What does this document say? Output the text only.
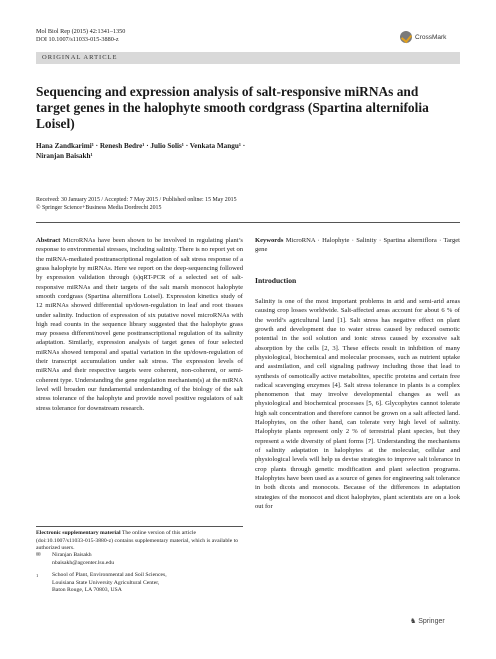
Mol Biol Rep (2015) 42:1341–1350
DOI 10.1007/s11033-015-3880-z	CrossMark
ORIGINAL ARTICLE
Sequencing and expression analysis of salt-responsive miRNAs and target genes in the halophyte smooth cordgrass (Spartina alternifolia Loisel)
Hana Zandkarimi¹ · Renesh Bedre¹ · Julio Solis¹ · Venkata Mangu¹ ·
Niranjan Baisakh¹
Received: 30 January 2015 / Accepted: 7 May 2015 / Published online: 15 May 2015
© Springer Science+Business Media Dordrecht 2015
Abstract MicroRNAs have been shown to be involved in regulating plant’s response to environmental stresses, including salinity. There is no report yet on the miRNA-mediated posttranscriptional regulation of salt stress response of a grass halophyte by miRNAs. Here we report on the deep-sequencing followed by expression validation through (s)qRT-PCR of a selected set of salt-responsive miRNAs and their targets of the salt marsh monocot halophyte smooth cordgrass (Spartina alterniflora Loisel). Expression kinetics study of 12 miRNAs showed differential up/down-regulation in leaf and root tissues under salinity. Induction of expression of six putative novel microRNAs with high read counts in the sequence library suggested that the halophyte grass may possess different/novel gene posttranscriptional regulation of its salinity adaptation. Similarly, expression analysis of target genes of four selected miRNAs showed temporal and spatial variation in the up/down-regulation of their transcript accumulation under salt stress. The expression levels of miRNAs and their respective targets were coherent, non-coherent, or semi-coherent type. Understanding the gene regulation mechanism(s) at the miRNA level will broaden our fundamental understanding of the biology of the salt stress tolerance of the halophyte and provide novel positive regulators of salt stress tolerance for downstream research.
Keywords MicroRNA · Halophyte · Salinity · Spartina alterniflora · Target gene
Introduction
Salinity is one of the most important problems in arid and semi-arid areas causing crop losses worldwide. Salt-affected areas account for about 6 % of the world’s agricultural land [1]. Salt stress has negative effect on plant growth and development due to water stress caused by reduced osmotic potential in the soil solution and ionic stress caused by excessive salt absorption by the cells [2, 3]. These effects result in inhibition of many physiological, biochemical and molecular processes, such as nutrient uptake and assimilation, and cell signaling pathway including those that lead to synthesis of osmotically active metabolites, specific proteins and certain free radical scavenging enzymes [4]. Salt stress tolerance in plants is a complex phenomenon that may involve developmental changes as well as physiological and biochemical processes [5, 6]. Glycophytes cannot tolerate high salt concentration and therefore cannot be grown on a salt affected land. Halophytes, on the other hand, can tolerate very high level of salinity. Halophyte plants represent only 2 % of terrestrial plant species, but they represent a wide diversity of plant forms [7]. Understanding the mechanisms of salinity adaptation in halophytes at the molecular, cellular and physiological levels will help us devise strategies to improve salt tolerance in crop plants through genetic modification and plant selection programs. Halophytes have been used as a source of genes for engineering salt tolerance in both dicots and monocots. Because of the differences in adaptation strategies of the monocot and dicot halophytes, plant scientists are on a look out for
Electronic supplementary material The online version of this article (doi:10.1007/s11033-015-3880-z) contains supplementary material, which is available to authorized users.
✉	Niranjan Baisakh
nbaisakh@agcenter.lsu.edu
1	School of Plant, Environmental and Soil Sciences,
Louisiana State University Agricultural Center,
Baton Rouge, LA 70803, USA
♞ Springer
